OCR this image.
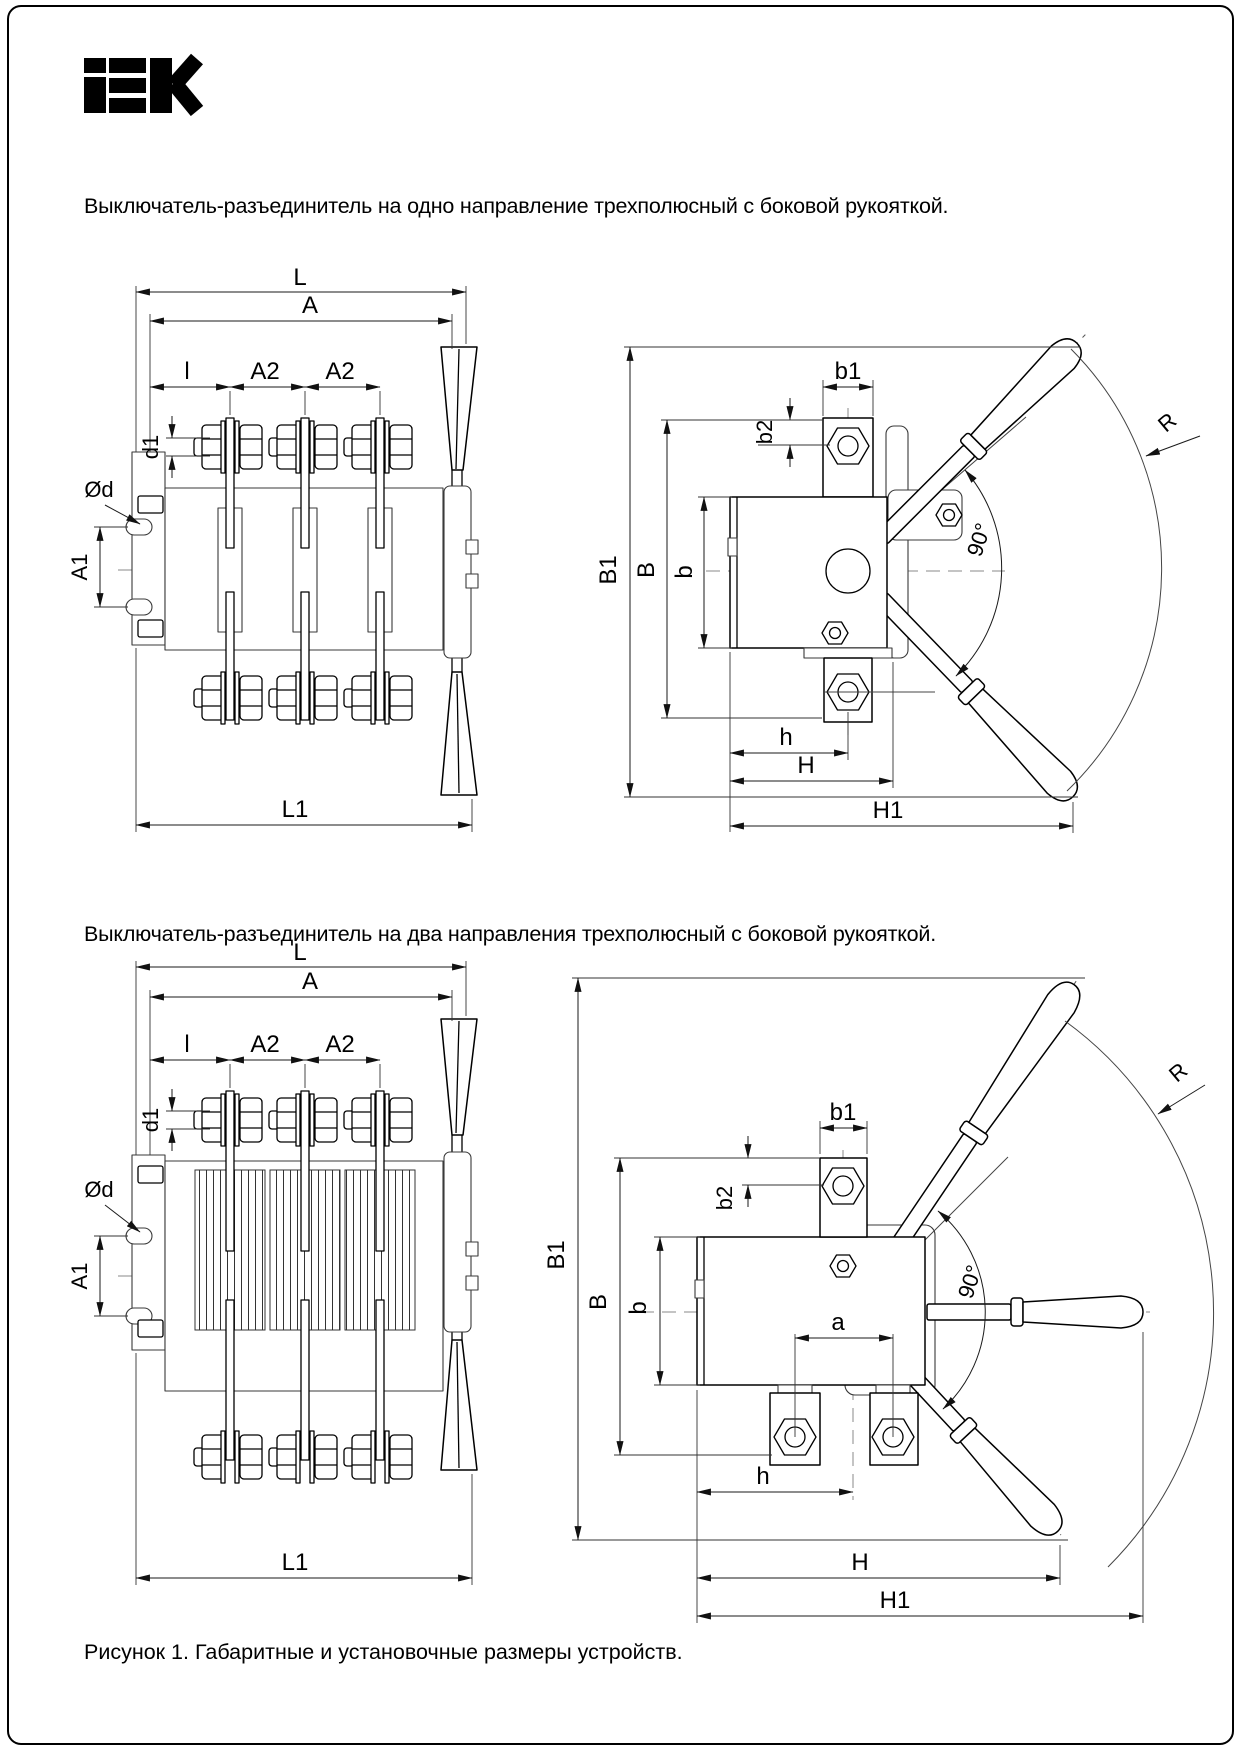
Выключатель-разъединитель на одно направление трехполюсный с боковой рукояткой.
Выключатель-разъединитель на два направления трехполюсный с боковой рукояткой.
Рисунок 1. Габаритные и установочные размеры устройств.
L
A
l	A2 A2
d1
Ød
A1
L1
90°
R
b1
b2
B1 B b
h
H
H1
L
A
l	A2 A2
d1
Ød
A1
L1
90°
R
b1
b2
B1
B b
a
h
H
H1
